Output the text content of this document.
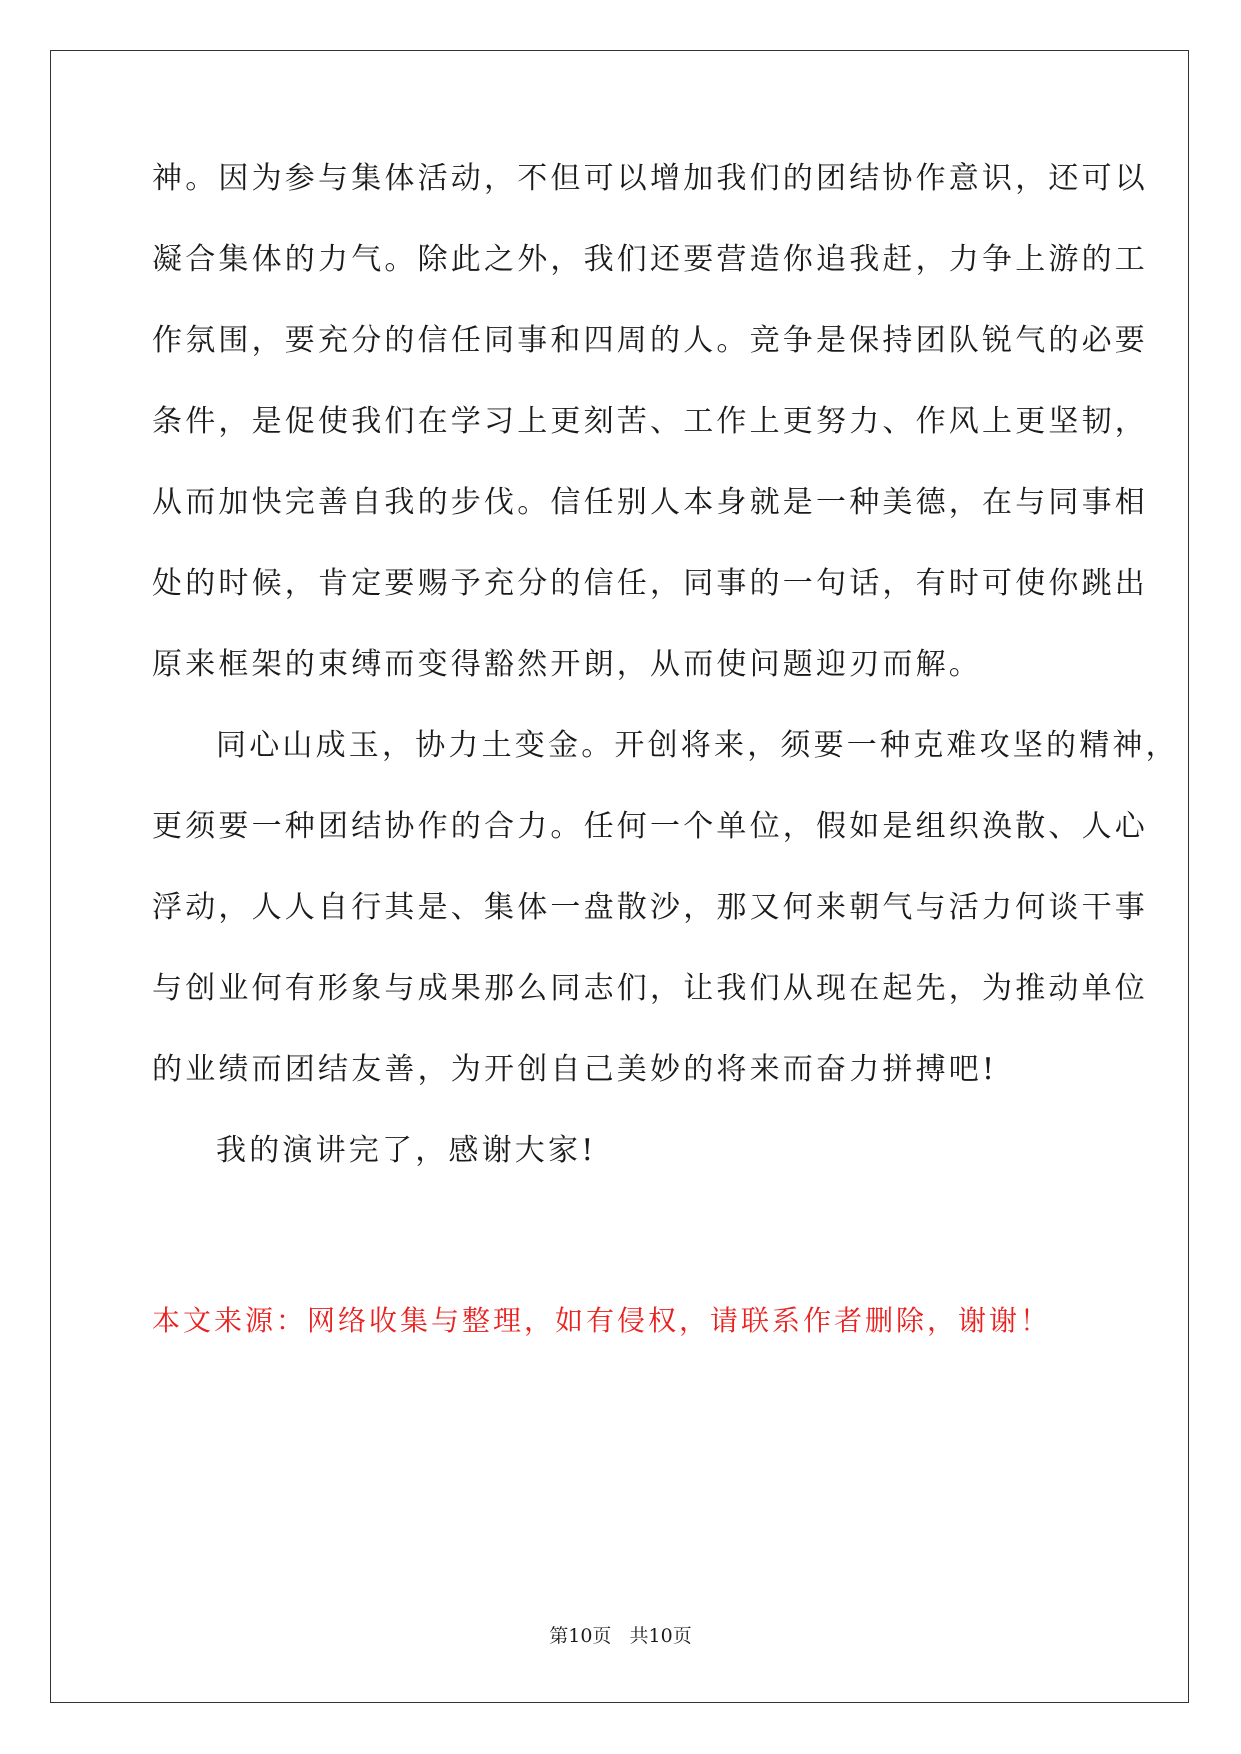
神。因为参与集体活动，不但可以增加我们的团结协作意识，还可以
凝合集体的力气。除此之外，我们还要营造你追我赶，力争上游的工
作氛围，要充分的信任同事和四周的人。竞争是保持团队锐气的必要
条件，是促使我们在学习上更刻苦、工作上更努力、作风上更坚韧，
从而加快完善自我的步伐。信任别人本身就是一种美德，在与同事相
处的时候，肯定要赐予充分的信任，同事的一句话，有时可使你跳出
原来框架的束缚而变得豁然开朗，从而使问题迎刃而解。
同心山成玉，协力土变金。开创将来，须要一种克难攻坚的精神，
更须要一种团结协作的合力。任何一个单位，假如是组织涣散、人心
浮动，人人自行其是、集体一盘散沙，那又何来朝气与活力何谈干事
与创业何有形象与成果那么同志们，让我们从现在起先，为推动单位
的业绩而团结友善，为开创自己美妙的将来而奋力拼搏吧!
我的演讲完了，感谢大家!
本文来源：网络收集与整理，如有侵权，请联系作者删除，谢谢！
第10页   共10页
